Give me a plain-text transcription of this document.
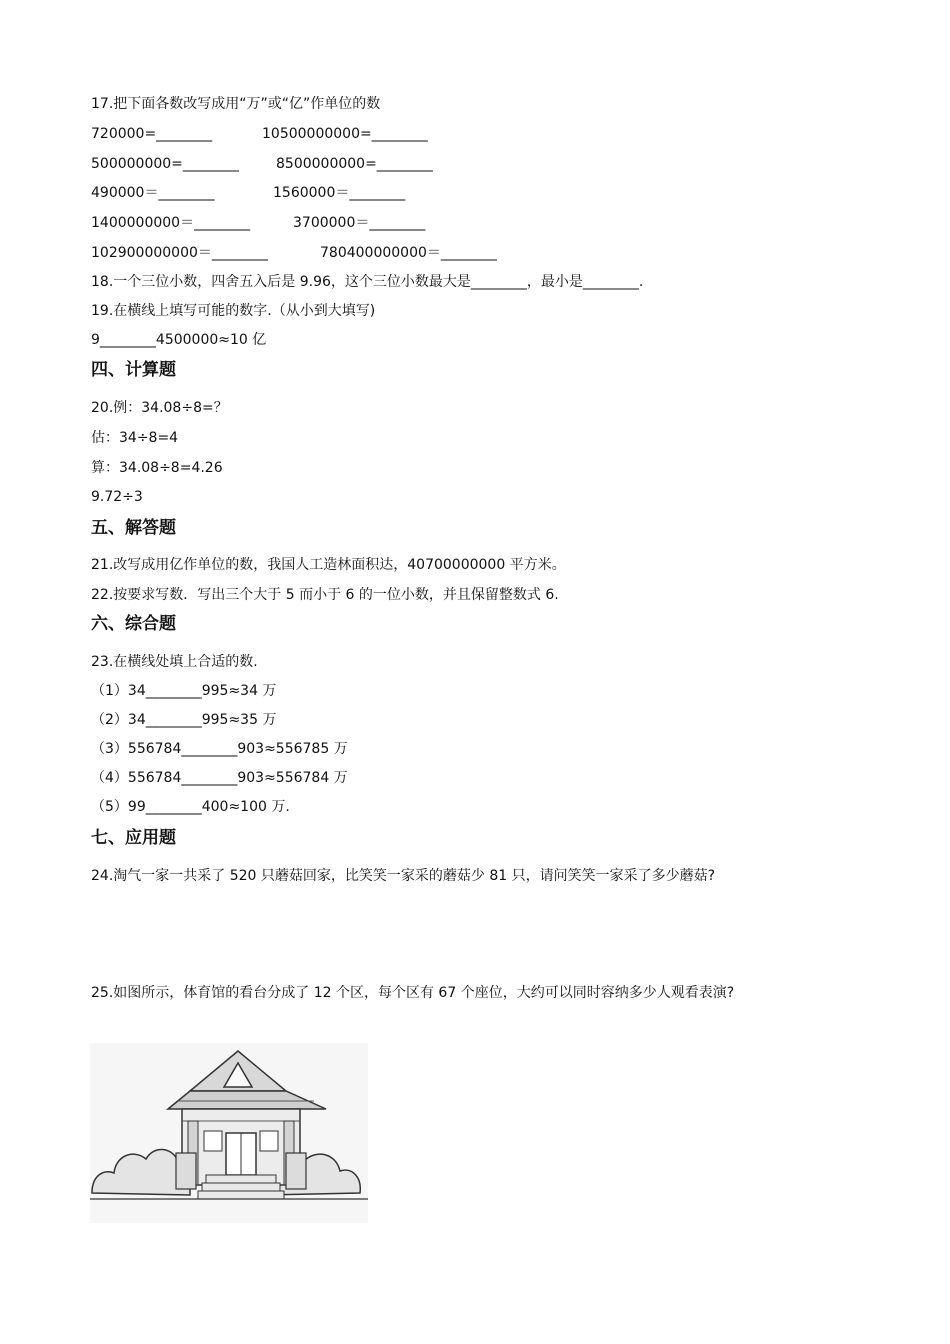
17.把下面各数改写成用“万”或“亿”作单位的数
720000=________	10500000000=________
500000000=________	8500000000=________
490000＝________	1560000＝________
1400000000＝________	3700000＝________
102900000000＝________	780400000000＝________
18.一个三位小数，四舍五入后是 9.96，这个三位小数最大是________，最小是________.
19.在横线上填写可能的数字.（从小到大填写)
9________4500000≈10 亿
四、计算题
20.例：34.08÷8=？
估：34÷8=4
算：34.08÷8=4.26
9.72÷3
五、解答题
21.改写成用亿作单位的数，我国人工造林面积达，40700000000 平方米。
22.按要求写数．写出三个大于 5 而小于 6 的一位小数，并且保留整数式 6.
六、综合题
23.在横线处填上合适的数.
（1）34________995≈34 万
（2）34________995≈35 万
（3）556784________903≈556785 万
（4）556784________903≈556784 万
（5）99________400≈100 万.
七、应用题
24.淘气一家一共采了 520 只蘑菇回家，比笑笑一家采的蘑菇少 81 只，请问笑笑一家采了多少蘑菇?
25.如图所示，体育馆的看台分成了 12 个区，每个区有 67 个座位，大约可以同时容纳多少人观看表演?
